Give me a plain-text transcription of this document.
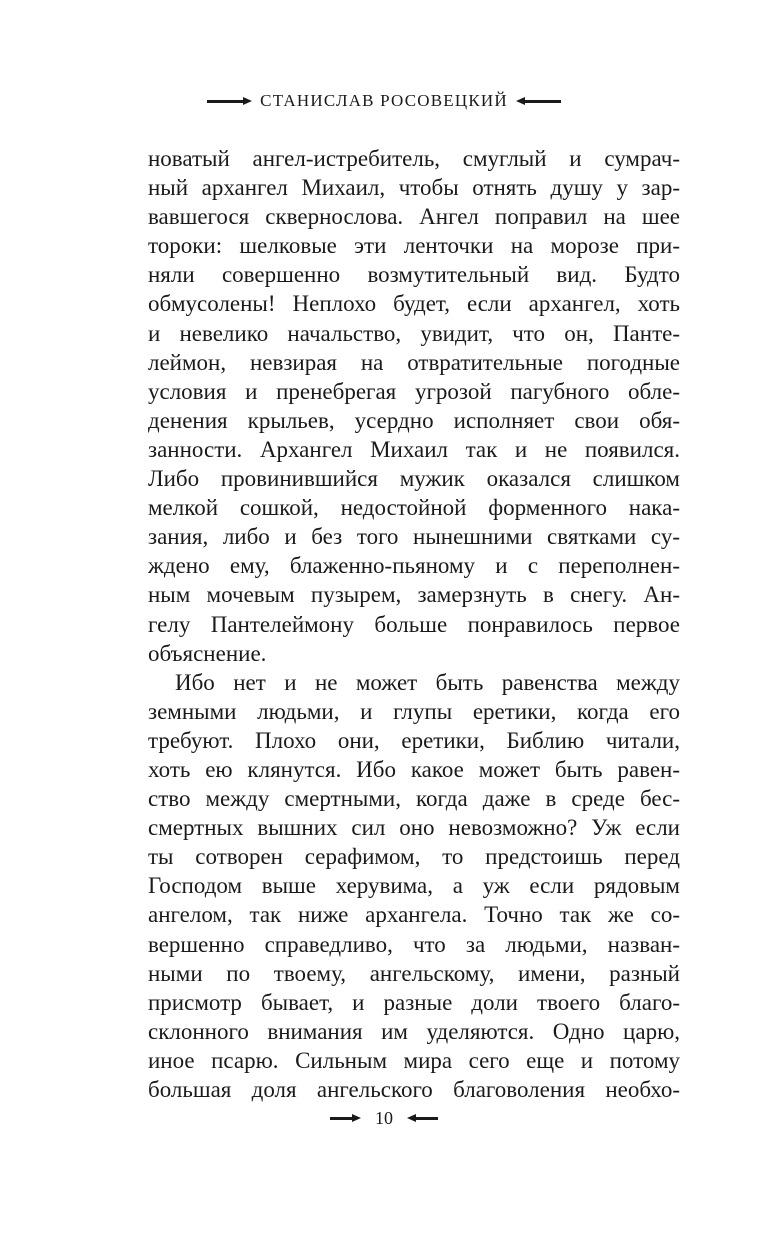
СТАНИСЛАВ РОСОВЕЦКИЙ
новатый ангел-истребитель, смуглый и сумрач-
ный архангел Михаил, чтобы отнять душу у зар-
вавшегося сквернослова. Ангел поправил на шее
тороки: шелковые эти ленточки на морозе при-
няли совершенно возмутительный вид. Будто
обмусолены! Неплохо будет, если архангел, хоть
и невелико начальство, увидит, что он, Панте-
леймон, невзирая на отвратительные погодные
условия и пренебрегая угрозой пагубного обле-
денения крыльев, усердно исполняет свои обя-
занности. Архангел Михаил так и не появился.
Либо провинившийся мужик оказался слишком
мелкой сошкой, недостойной форменного нака-
зания, либо и без того нынешними святками су-
ждено ему, блаженно-пьяному и с переполнен-
ным мочевым пузырем, замерзнуть в снегу. Ан-
гелу Пантелеймону больше понравилось первое
объяснение.
Ибо нет и не может быть равенства между
земными людьми, и глупы еретики, когда его
требуют. Плохо они, еретики, Библию читали,
хоть ею клянутся. Ибо какое может быть равен-
ство между смертными, когда даже в среде бес-
смертных вышних сил оно невозможно? Уж если
ты сотворен серафимом, то предстоишь перед
Господом выше херувима, а уж если рядовым
ангелом, так ниже архангела. Точно так же со-
вершенно справедливо, что за людьми, назван-
ными по твоему, ангельскому, имени, разный
присмотр бывает, и разные доли твоего благо-
склонного внимания им уделяются. Одно царю,
иное псарю. Сильным мира сего еще и потому
большая доля ангельского благоволения необхо-
10
